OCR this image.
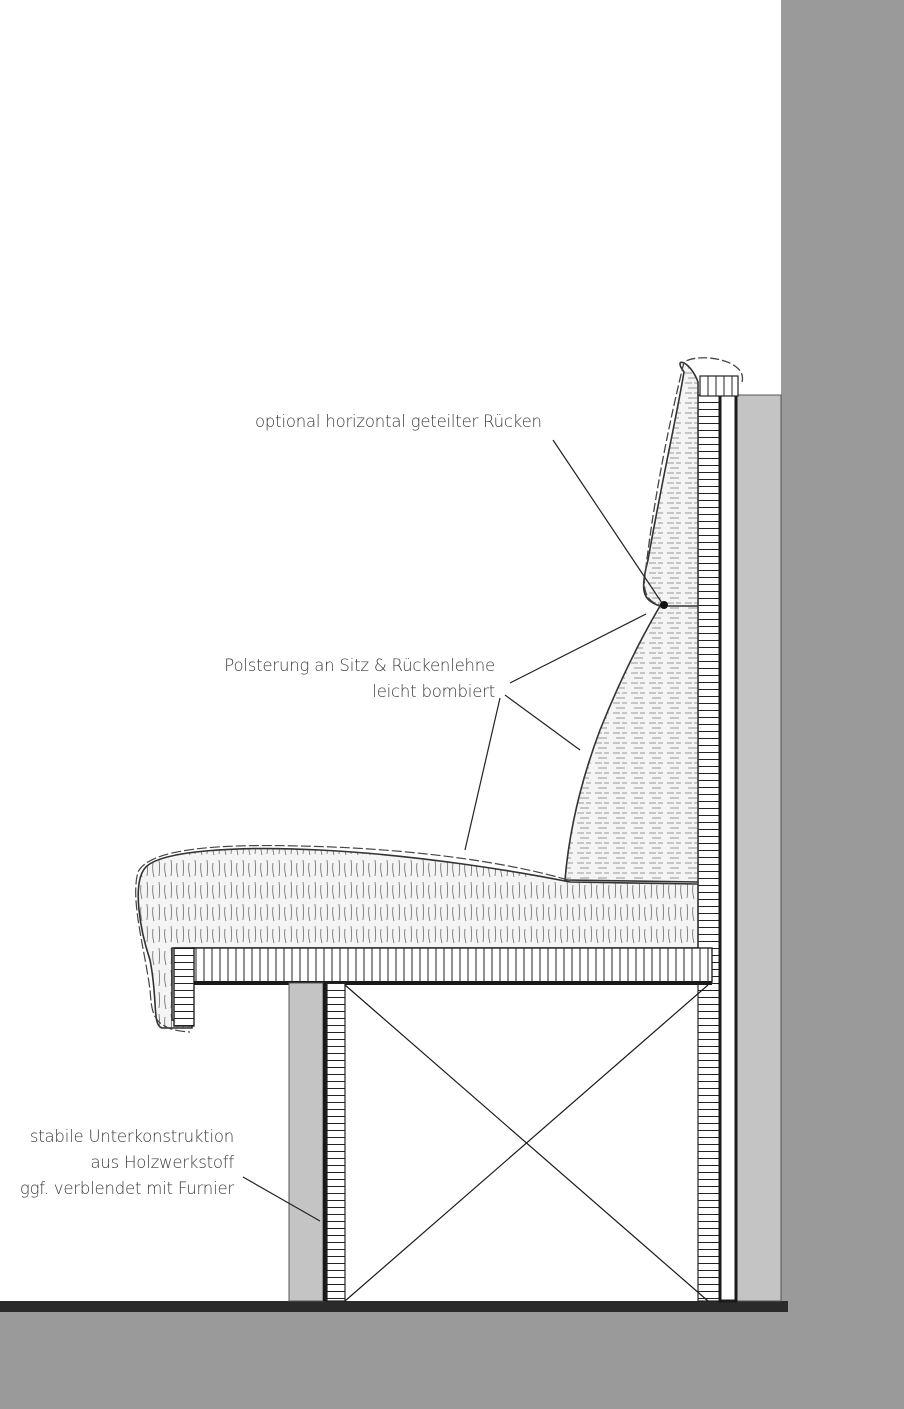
optional horizontal geteilter Rücken
Polsterung an Sitz & Rückenlehne
leicht bombiert
stabile Unterkonstruktion
aus Holzwerkstoff
ggf. verblendet mit Furnier
